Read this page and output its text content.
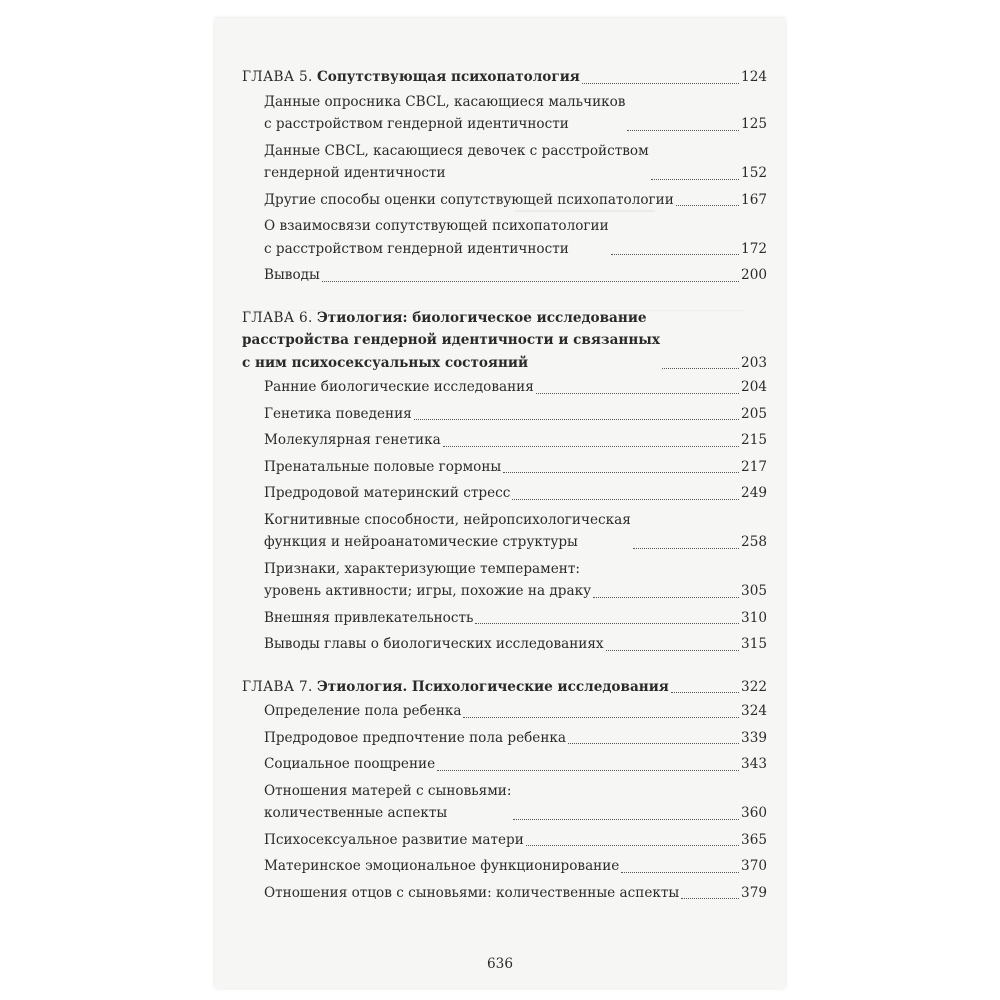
ГЛАВА 5. Сопутствующая психопатология	124
Данные опросника CBCL, касающиеся мальчиков
с расстройством гендерной идентичности	125
Данные CBCL, касающиеся девочек с расстройством
гендерной идентичности	152
Другие способы оценки сопутствующей психопатологии	167
О взаимосвязи сопутствующей психопатологии
с расстройством гендерной идентичности	172
Выводы	200
ГЛАВА 6. Этиология: биологическое исследование
расстройства гендерной идентичности и связанных
с ним психосексуальных состояний	203
Ранние биологические исследования	204
Генетика поведения	205
Молекулярная генетика	215
Пренатальные половые гормоны	217
Предродовой материнский стресс	249
Когнитивные способности, нейропсихологическая
функция и нейроанатомические структуры	258
Признаки, характеризующие темперамент:
уровень активности; игры, похожие на драку	305
Внешняя привлекательность	310
Выводы главы о биологических исследованиях	315
ГЛАВА 7. Этиология. Психологические исследования	322
Определение пола ребенка	324
Предродовое предпочтение пола ребенка	339
Социальное поощрение	343
Отношения матерей с сыновьями:
количественные аспекты	360
Психосексуальное развитие матери	365
Материнское эмоциональное функционирование	370
Отношения отцов с сыновьями: количественные аспекты	379
636
